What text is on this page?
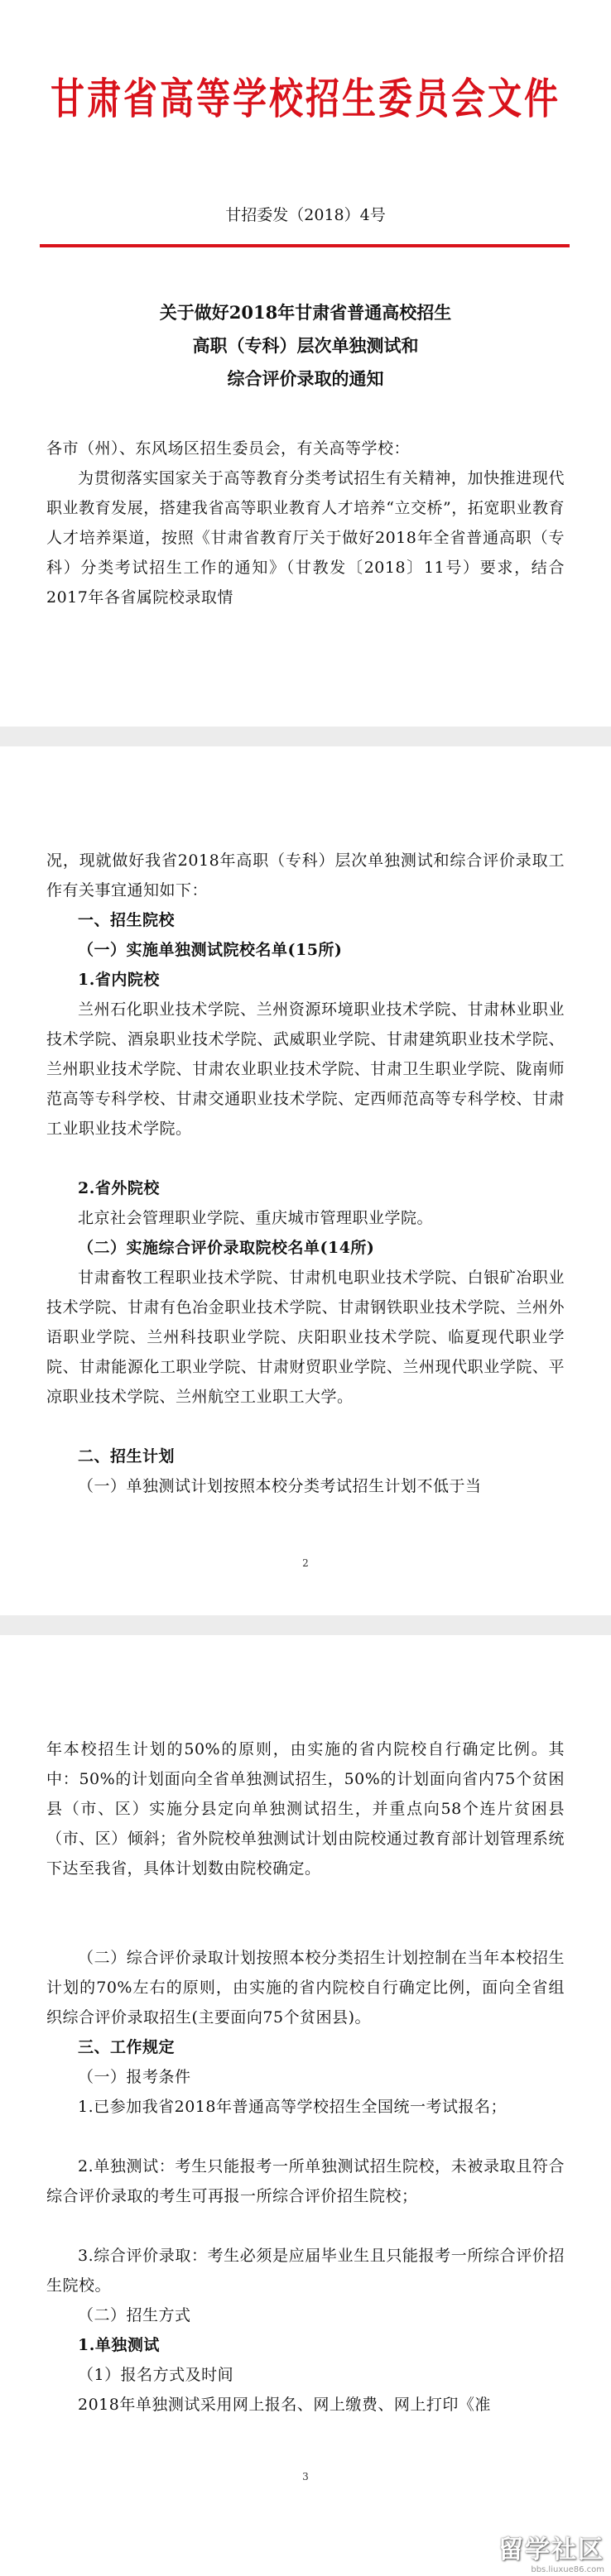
甘肃省高等学校招生委员会文件
甘招委发（2018）4号
关于做好2018年甘肃省普通高校招生
高职（专科）层次单独测试和
综合评价录取的通知

各市（州）、东风场区招生委员会，有关高等学校：

为贯彻落实国家关于高等教育分类考试招生有关精神，加快推进现代职业教育发展，搭建我省高等职业教育人才培养“立交桥”，拓宽职业教育人才培养渠道，按照《甘肃省教育厅关于做好2018年全省普通高职（专科）分类考试招生工作的通知》（甘教发〔2018〕11号）要求，结合2017年各省属院校录取情

况，现就做好我省2018年高职（专科）层次单独测试和综合评价录取工作有关事宜通知如下：

一、招生院校

（一）实施单独测试院校名单(15所)

1.省内院校

兰州石化职业技术学院、兰州资源环境职业技术学院、甘肃林业职业技术学院、酒泉职业技术学院、武威职业学院、甘肃建筑职业技术学院、兰州职业技术学院、甘肃农业职业技术学院、甘肃卫生职业学院、陇南师范高等专科学校、甘肃交通职业技术学院、定西师范高等专科学校、甘肃工业职业技术学院。

2.省外院校

北京社会管理职业学院、重庆城市管理职业学院。

（二）实施综合评价录取院校名单(14所)

甘肃畜牧工程职业技术学院、甘肃机电职业技术学院、白银矿冶职业技术学院、甘肃有色冶金职业技术学院、甘肃钢铁职业技术学院、兰州外语职业学院、兰州科技职业学院、庆阳职业技术学院、临夏现代职业学院、甘肃能源化工职业学院、甘肃财贸职业学院、兰州现代职业学院、平凉职业技术学院、兰州航空工业职工大学。

二、招生计划

（一）单独测试计划按照本校分类考试招生计划不低于当

2

年本校招生计划的50%的原则，由实施的省内院校自行确定比例。其中：50%的计划面向全省单独测试招生，50%的计划面向省内75个贫困县（市、区）实施分县定向单独测试招生，并重点向58个连片贫困县（市、区）倾斜；省外院校单独测试计划由院校通过教育部计划管理系统下达至我省，具体计划数由院校确定。

（二）综合评价录取计划按照本校分类招生计划控制在当年本校招生计划的70%左右的原则，由实施的省内院校自行确定比例，面向全省组织综合评价录取招生(主要面向75个贫困县)。

三、工作规定

（一）报考条件

1.已参加我省2018年普通高等学校招生全国统一考试报名；

2.单独测试：考生只能报考一所单独测试招生院校，未被录取且符合综合评价录取的考生可再报一所综合评价招生院校；

3.综合评价录取：考生必须是应届毕业生且只能报考一所综合评价招生院校。

（二）招生方式

1.单独测试

（1）报名方式及时间

2018年单独测试采用网上报名、网上缴费、网上打印《准

3
留学社区
bbs.liuxue86.com
